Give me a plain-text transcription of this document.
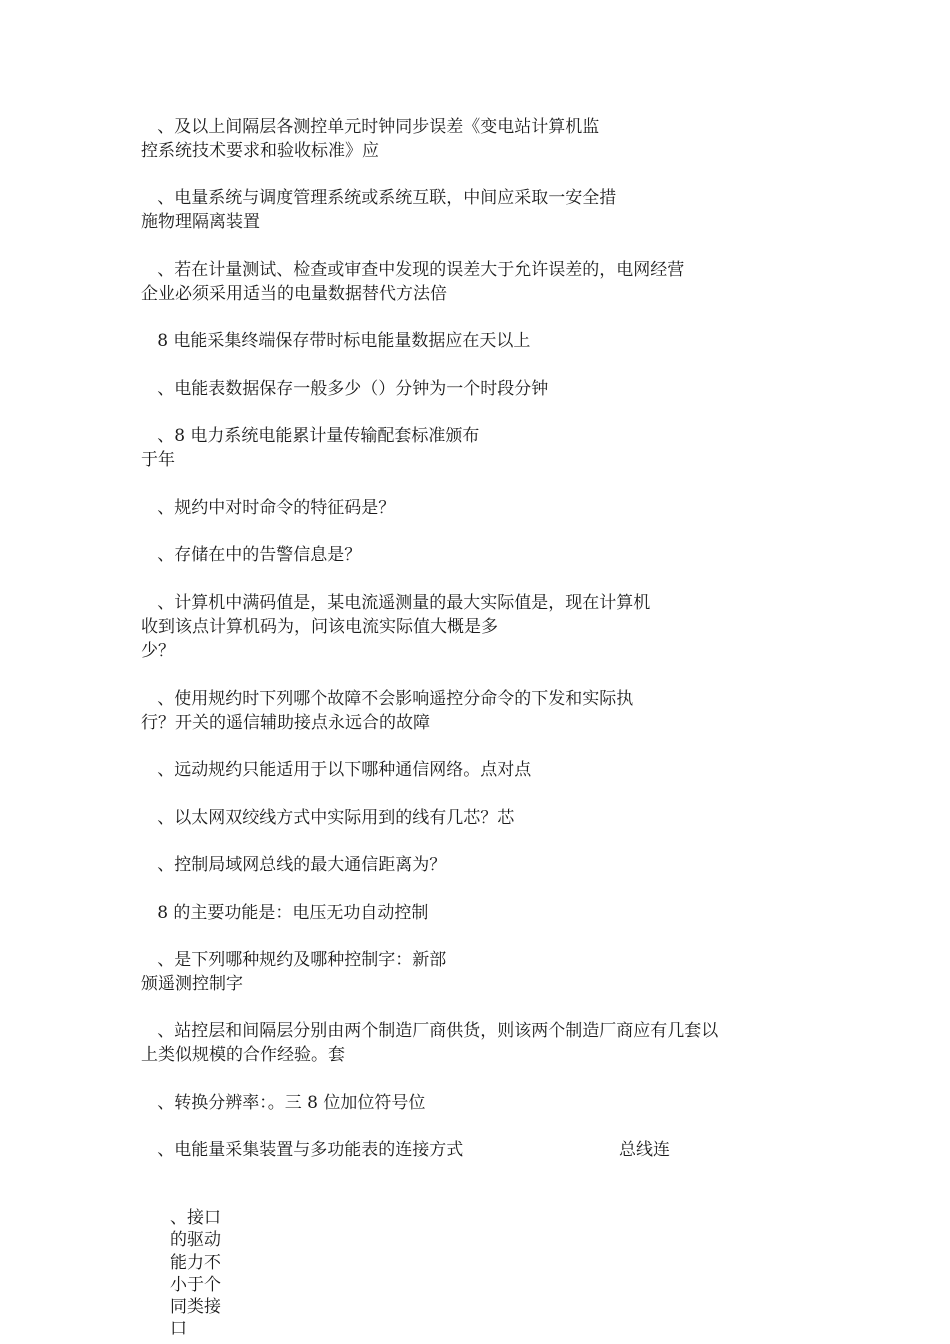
、及以上间隔层各测控单元时钟同步误差《变电站计算机监
控系统技术要求和验收标准》应
、电量系统与调度管理系统或系统互联，中间应采取一安全措
施物理隔离装置
、若在计量测试、检查或审查中发现的误差大于允许误差的，电网经营
企业必须采用适当的电量数据替代方法倍
8 电能采集终端保存带时标电能量数据应在天以上
、电能表数据保存一般多少（）分钟为一个时段分钟
、8 电力系统电能累计量传输配套标准颁布
于年
、规约中对时命令的特征码是？
、存储在中的告警信息是？
、计算机中满码值是，某电流遥测量的最大实际值是，现在计算机
收到该点计算机码为，问该电流实际值大概是多
少？
、使用规约时下列哪个故障不会影响遥控分命令的下发和实际执
行？开关的遥信辅助接点永远合的故障
、远动规约只能适用于以下哪种通信网络。点对点
、以太网双绞线方式中实际用到的线有几芯？芯
、控制局域网总线的最大通信距离为？
8 的主要功能是：电压无功自动控制
、是下列哪种规约及哪种控制字：新部
颁遥测控制字
、站控层和间隔层分别由两个制造厂商供货，则该两个制造厂商应有几套以
上类似规模的合作经验。套
、转换分辨率：。三 8 位加位符号位
、电能量采集装置与多功能表的连接方式	总线连
、接口
的驱动
能力不
小于个
同类接
口
